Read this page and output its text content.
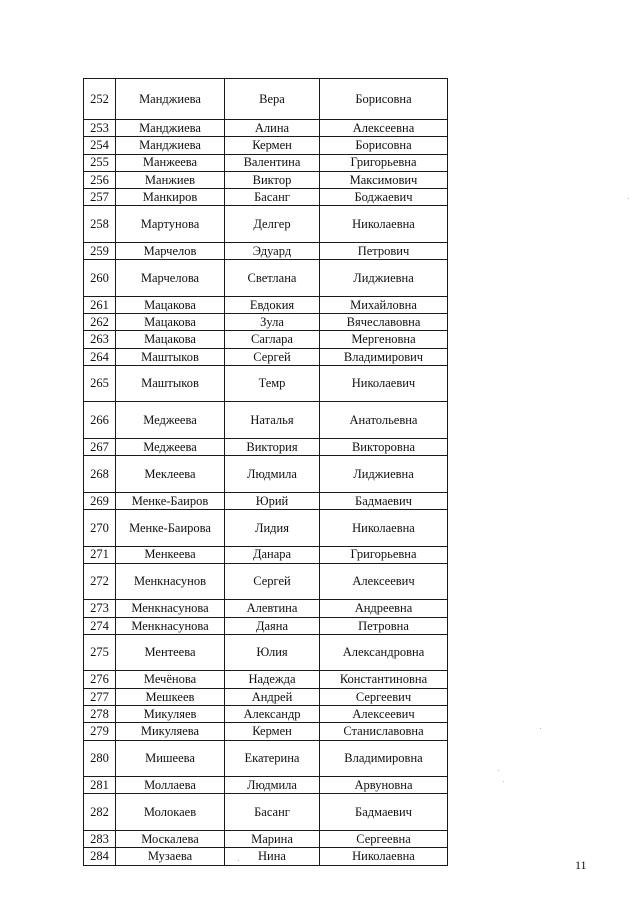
252	Манджиева	Вера	Борисовна
253	Манджиева	Алина	Алексеевна
254	Манджиева	Кермен	Борисовна
255	Манжеева	Валентина	Григорьевна
256	Манжиев	Виктор	Максимович
257	Манкиров	Басанг	Боджаевич
258	Мартунова	Делгер	Николаевна
259	Марчелов	Эдуард	Петрович
260	Марчелова	Светлана	Лиджиевна
261	Мацакова	Евдокия	Михайловна
262	Мацакова	Зула	Вячеславовна
263	Мацакова	Саглара	Мергеновна
264	Маштыков	Сергей	Владимирович
265	Маштыков	Темр	Николаевич
266	Меджеева	Наталья	Анатольевна
267	Меджеева	Виктория	Викторовна
268	Меклеева	Людмила	Лиджиевна
269	Менке-Баиров	Юрий	Бадмаевич
270	Менке-Баирова	Лидия	Николаевна
271	Менкеева	Данара	Григорьевна
272	Менкнасунов	Сергей	Алексеевич
273	Менкнасунова	Алевтина	Андреевна
274	Менкнасунова	Даяна	Петровна
275	Ментеева	Юлия	Александровна
276	Мечёнова	Надежда	Константиновна
277	Мешкеев	Андрей	Сергеевич
278	Микуляев	Александр	Алексеевич
279	Микуляева	Кермен	Станиславовна
280	Мишеева	Екатерина	Владимировна
281	Моллаева	Людмила	Арвуновна
282	Молокаев	Басанг	Бадмаевич
283	Москалева	Марина	Сергеевна
284	Музаева	Нина	Николаевна
11
